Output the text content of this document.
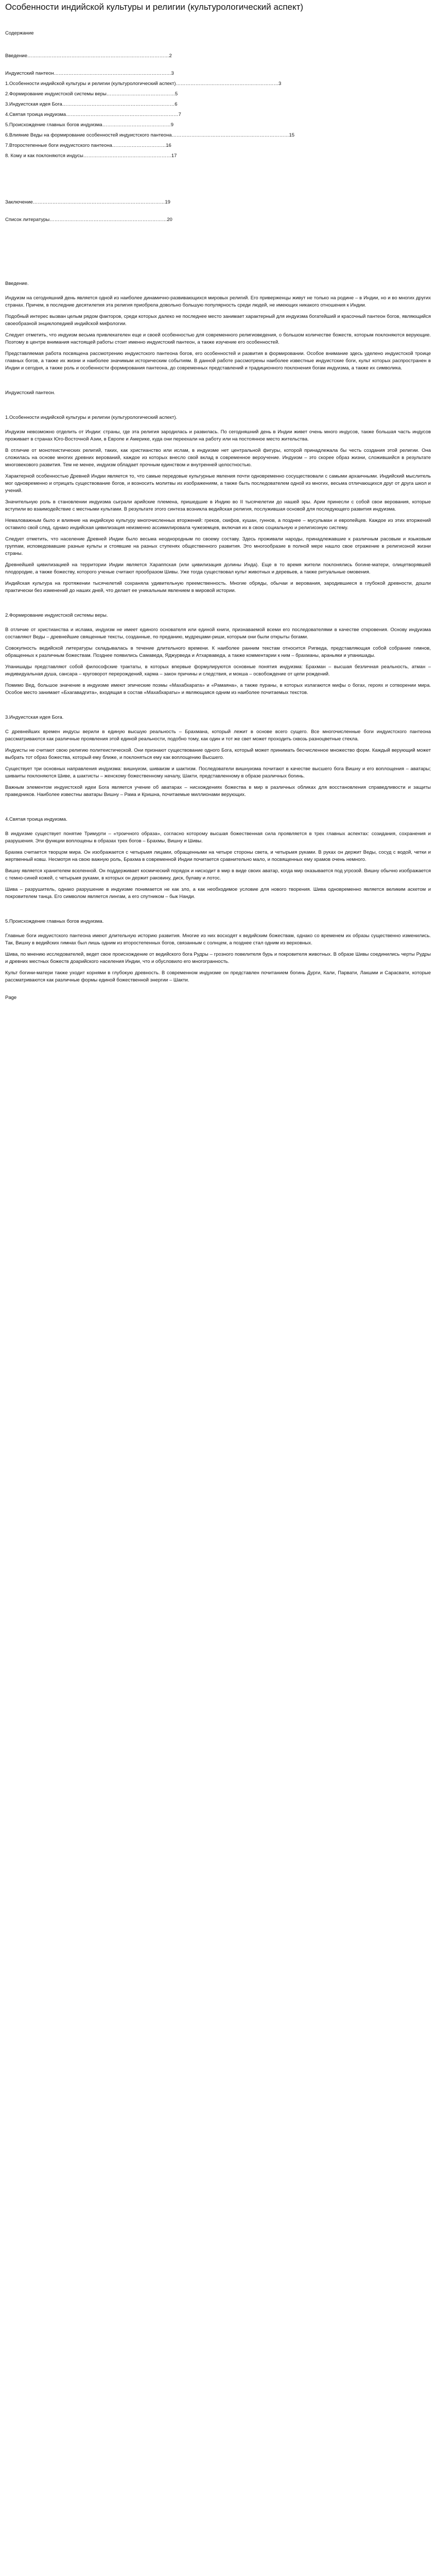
Особенности индийской культуры и религии (культурологический аспект)
Содержание
Введение……………………………………………………………………………2
Индуистский пантеон………………………………………………………………3
1.Особенности индийской культуры и религии (культурологический аспект)………………………………………………………3
2.Формирование индуистской системы веры……………………………………5
3.Индуистская идея Бога……………………………………………………………6
4.Святая троица индуизма……………………………………………………………7
5.Происхождение главных богов индуизма……………………………………9
6.Влияние Веды на формирование особенностей индуистского пантеона………………………………………………………………15
7.Второстепенные боги индуистского пантеона……………………………16
8. Кому и как поклоняются индусы………………………………………………17
Заключение………………………………………………………………………19
Список литературы………………………………………………………………20
Введение.

Индуизм на сегодняшний день является одной из наиболее динамично-развивающихся мировых религий. Его приверженцы живут не только на родине – в Индии, но и во многих других странах. Причем, в последние десятилетия эта религия приобрела довольно большую популярность среди людей, не имеющих никакого отношения к Индии.

Подобный интерес вызван целым рядом факторов, среди которых далеко не последнее место занимает характерный для индуизма богатейший и красочный пантеон богов, являющийся своеобразной энциклопедией индийской мифологии.

Следует отметить, что индуизм весьма привлекателен еще и своей особенностью для современного религиоведения, о большом количестве божеств, которым поклоняются верующие. Поэтому в центре внимания настоящей работы стоит именно индуистский пантеон, а также изучение его особенностей.

Представляемая работа посвящена рассмотрению индуистского пантеона богов, его особенностей и развития в формировании. Особое внимание здесь уделено индуистской троице главных богов, а также их жизни и наиболее значимым историческим событиям. В данной работе рассмотрены наиболее известные индуистские боги, культ которых распространен в Индии и сегодня, а также роль и особенности формирования пантеона, до современных представлений и традиционного поклонения богам индуизма, а также их символика.

Индуистский пантеон.
1.Особенности индийской культуры и религии (культурологический аспект).

Индуизм невозможно отделить от Индии: страны, где эта религия зародилась и развилась. По сегодняшний день в Индии живет очень много индусов, также большая часть индусов проживает в странах Юго-Восточной Азии, в Европе и Америке, куда они переехали на работу или на постоянное место жительства.

В отличие от монотеистических религий, таких, как христианство или ислам, в индуизме нет центральной фигуры, которой принадлежала бы честь создания этой религии. Она сложилась на основе многих древних верований, каждое из которых внесло свой вклад в современное вероучение. Индуизм – это скорее образ жизни, сложившийся в результате многовекового развития. Тем не менее, индуизм обладает прочным единством и внутренней целостностью.

Характерной особенностью Древней Индии является то, что самые передовые культурные явления почти одновременно сосуществовали с самыми архаичными. Индийский мыслитель мог одновременно и отрицать существование богов, и возносить молитвы их изображениям, а также быть последователем одной из многих, весьма отличающихся друг от друга школ и учений.

Значительную роль в становлении индуизма сыграли арийские племена, пришедшие в Индию во II тысячелетии до нашей эры. Арии принесли с собой свои верования, которые вступили во взаимодействие с местными культами. В результате этого синтеза возникла ведийская религия, послужившая основой для последующего развития индуизма.

Немаловажным было и влияние на индийскую культуру многочисленных вторжений: греков, скифов, кушан, гуннов, а позднее – мусульман и европейцев. Каждое из этих вторжений оставило свой след, однако индийская цивилизация неизменно ассимилировала чужеземцев, включая их в свою социальную и религиозную систему.

Следует отметить, что население Древней Индии было весьма неоднородным по своему составу. Здесь проживали народы, принадлежавшие к различным расовым и языковым группам, исповедовавшие разные культы и стоявшие на разных ступенях общественного развития. Это многообразие в полной мере нашло свое отражение в религиозной жизни страны.

Древнейшей цивилизацией на территории Индии является Хараппская (или цивилизация долины Инда). Еще в то время жители поклонялись богине-матери, олицетворявшей плодородие, а также божеству, которого ученые считают прообразом Шивы. Уже тогда существовал культ животных и деревьев, а также ритуальные омовения.

Индийская культура на протяжении тысячелетий сохраняла удивительную преемственность. Многие обряды, обычаи и верования, зародившиеся в глубокой древности, дошли практически без изменений до наших дней, что делает ее уникальным явлением в мировой истории.

2.Формирование индуистской системы веры.

В отличие от христианства и ислама, индуизм не имеет единого основателя или единой книги, признаваемой всеми его последователями в качестве откровения. Основу индуизма составляют Веды – древнейшие священные тексты, созданные, по преданию, мудрецами-риши, которым они были открыты богами.

Совокупность ведийской литературы складывалась в течение длительного времени. К наиболее ранним текстам относится Ригведа, представляющая собой собрание гимнов, обращенных к различным божествам. Позднее появились Самаведа, Яджурведа и Атхарваведа, а также комментарии к ним – брахманы, араньяки и упанишады.

Упанишады представляют собой философские трактаты, в которых впервые формулируются основные понятия индуизма: Брахман – высшая безличная реальность, атман – индивидуальная душа, сансара – круговорот перерождений, карма – закон причины и следствия, и мокша – освобождение от цепи рождений.

Помимо Вед, большое значение в индуизме имеют эпические поэмы «Махабхарата» и «Рамаяна», а также пураны, в которых излагаются мифы о богах, героях и сотворении мира. Особое место занимает «Бхагавадгита», входящая в состав «Махабхараты» и являющаяся одним из наиболее почитаемых текстов.

3.Индуистская идея Бога.

С древнейших времен индусы верили в единую высшую реальность – Брахмана, который лежит в основе всего сущего. Все многочисленные боги индуистского пантеона рассматриваются как различные проявления этой единой реальности, подобно тому, как один и тот же свет может проходить сквозь разноцветные стекла.

Индуисты не считают свою религию политеистической. Они признают существование одного Бога, который может принимать бесчисленное множество форм. Каждый верующий может выбрать тот образ божества, который ему ближе, и поклоняться ему как воплощению Высшего.

Существует три основных направления индуизма: вишнуизм, шиваизм и шактизм. Последователи вишнуизма почитают в качестве высшего бога Вишну и его воплощения – аватары; шиваиты поклоняются Шиве, а шактисты – женскому божественному началу, Шакти, представленному в образе различных богинь.

Важным элементом индуистской идеи Бога является учение об аватарах – нисхождениях божества в мир в различных обликах для восстановления справедливости и защиты праведников. Наиболее известны аватары Вишну – Рама и Кришна, почитаемые миллионами верующих.

4.Святая троица индуизма.

В индуизме существует понятие Тримурти – «троичного образа», согласно которому высшая божественная сила проявляется в трех главных аспектах: созидания, сохранения и разрушения. Эти функции воплощены в образах трех богов – Брахмы, Вишну и Шивы.

Брахма считается творцом мира. Он изображается с четырьмя лицами, обращенными на четыре стороны света, и четырьмя руками. В руках он держит Веды, сосуд с водой, четки и жертвенный ковш. Несмотря на свою важную роль, Брахма в современной Индии почитается сравнительно мало, и посвященных ему храмов очень немного.

Вишну является хранителем вселенной. Он поддерживает космический порядок и нисходит в мир в виде своих аватар, когда мир оказывается под угрозой. Вишну обычно изображается с темно-синей кожей, с четырьмя руками, в которых он держит раковину, диск, булаву и лотос.

Шива – разрушитель, однако разрушение в индуизме понимается не как зло, а как необходимое условие для нового творения. Шива одновременно является великим аскетом и покровителем танца. Его символом является лингам, а его спутником – бык Нанди.

5.Происхождение главных богов индуизма.

Главные боги индуистского пантеона имеют длительную историю развития. Многие из них восходят к ведийским божествам, однако со временем их образы существенно изменились. Так, Вишну в ведийских гимнах был лишь одним из второстепенных богов, связанным с солнцем, а позднее стал одним из верховных.

Шива, по мнению исследователей, ведет свое происхождение от ведийского бога Рудры – грозного повелителя бурь и покровителя животных. В образе Шивы соединились черты Рудры и древних местных божеств доарийского населения Индии, что и обусловило его многогранность.

Культ богини-матери также уходит корнями в глубокую древность. В современном индуизме он представлен почитанием богинь Дурги, Кали, Парвати, Лакшми и Сарасвати, которые рассматриваются как различные формы единой божественной энергии – Шакти.

Page
